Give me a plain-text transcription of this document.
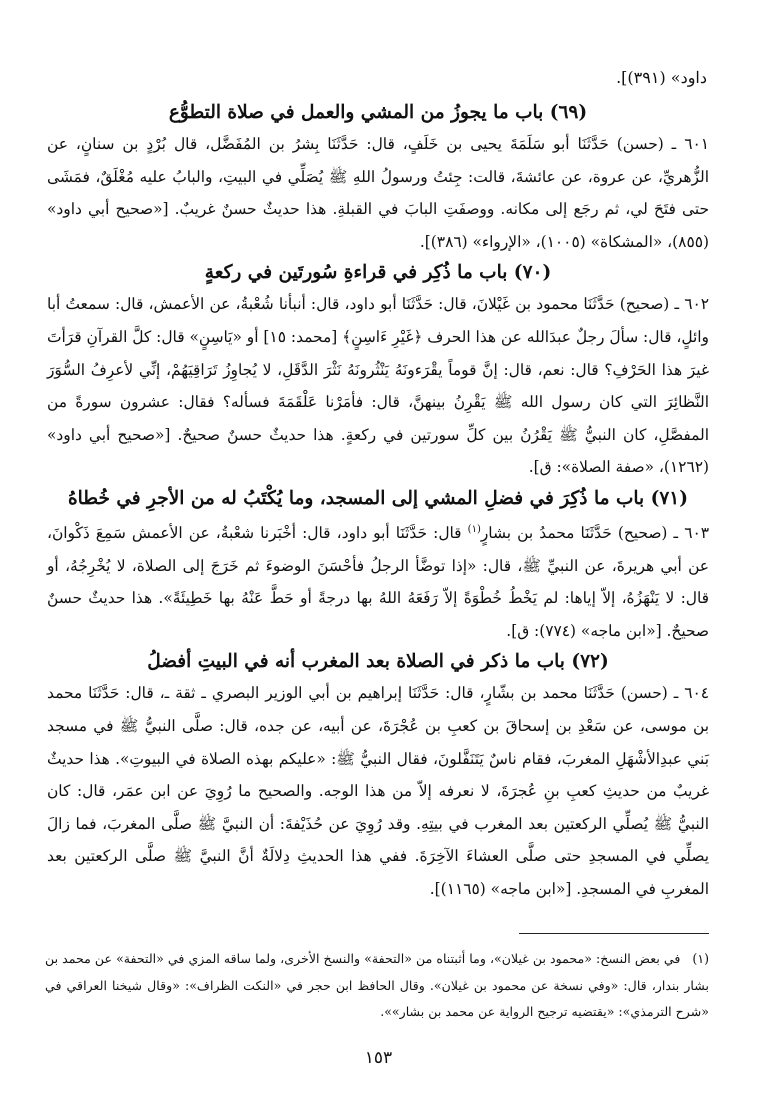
داود» (٣٩١)].
(٦٩) باب ما يجوزُ من المشي والعمل في صلاة التطوُّع

٦٠١ ـ (حسن) حَدَّثَنَا أبو سَلَمَةَ يحيى بن خَلَفٍ، قال: حَدَّثَنَا بِشرُ بن المُفَضَّل، قال بُرْدٍ بن سنانٍ، عن الزُّهريِّ، عن عروة، عن عائشةَ، قالت: جِئتُ ورسولُ اللهِ ﷺ يُصَلِّي في البيتِ، والبابُ عليه مُغْلَقٌ، فمَشَى حتى فتَحَ لي، ثم رجَع إلى مكانه. ووصفَتِ البابَ في القبلةِ. هذا حديثٌ حسنٌ غريبٌ. [«صحيح أبي داود» (٨٥٥)، «المشكاة» (١٠٠٥)، «الإرواء» (٣٨٦)].

(٧٠) باب ما ذُكِر في قراءةِ سُورتَين في ركعةٍ

٦٠٢ ـ (صحيح) حَدَّثَنَا محمود بن غَيْلانَ، قال: حَدَّثَنَا أبو داود، قال: أنبأنا شُعْبةُ، عن الأعمش، قال: سمعتُ أبا وائلٍ، قال: سألَ رجلٌ عبدَالله عن هذا الحرف ﴿غَيْرِ ءَاسِنٍ﴾ [محمد: ١٥] أو «يَاسِنٍ» قال: كلَّ القرآنِ قرَأتَ غيرَ هذا الحَرْفِ؟ قال: نعم، قال: إنَّ قوماً يقْرَءونَهُ يَنْثُرونَهُ نَثْرَ الدَّقَلِ، لا يُجاوِزُ تَرَاقِيَهُمْ، إنِّي لأعرِفُ السُّوَرَ النَّظائِرَ التي كان رسول الله ﷺ يَقْرِنُ بينهنَّ، قال: فأمَرْنا عَلْقَمَةَ فسأله؟ فقال: عشرون سورةً من المفصَّلِ، كان النبيُّ ﷺ يَقْرُنُ بين كلِّ سورتين في ركعةٍ. هذا حديثٌ حسنٌ صحيحٌ. [«صحيح أبي داود» (١٢٦٢)، «صفة الصلاة»: ق].

(٧١) باب ما ذُكِرَ في فضلِ المشي إلى المسجد، وما يُكْتَبُ له من الأجرِ في خُطاهُ

٦٠٣ ـ (صحيح) حَدَّثَنَا محمدُ بن بشارٍ$^{(١)}$ قال: حَدَّثَنَا أبو داود، قال: أخْبَرنا شعْبةُ، عن الأعمش سَمِعَ ذَكْوانَ، عن أبي هريرةَ، عن النبيِّ ﷺ، قال: «إذا توضَّأ الرجلُ فأحْسَنَ الوضوءَ ثم خَرَجَ إلى الصلاة، لا يُخْرِجُهُ، أو قال: لا يَنْهَزُهُ، إلاّ إياها: لم يَخْطُ خُطْوَةً إلاّ رَفَعَهُ اللهُ بها درجةً أو حَطَّ عَنْهُ بها خَطِيئَةً». هذا حديثٌ حسنٌ صحيحٌ. [«ابن ماجه» (٧٧٤): ق].

(٧٢) باب ما ذكر في الصلاة بعد المغرب أنه في البيتِ أفضلُ

٦٠٤ ـ (حسن) حَدَّثَنَا محمد بن بشّارٍ، قال: حَدَّثَنَا إبراهيم بن أبي الوزير البصري ـ ثقة ـ، قال: حَدَّثَنَا محمد بن موسى، عن سَعْدِ بن إسحاقَ بن كعبِ بن عُجْرَةَ، عن أبيه، عن جده، قال: صلَّى النبيُّ ﷺ في مسجد بَني عبدِالأشْهَلِ المغربَ، فقام ناسٌ يَتَنَفَّلونَ، فقال النبيُّ ﷺ: «عليكم بهذه الصلاة في البيوتِ». هذا حديثٌ غريبٌ من حديثِ كعبِ بنِ عُجرَةَ، لا نعرفه إلاّ من هذا الوجه. والصحيح ما رُوِيَ عن ابن عمَر، قال: كان النبيُّ ﷺ يُصلِّي الركعتين بعد المغرب في بيتِهِ. وقد رُوِيَ عن حُذَيْفةَ: أن النبيَّ ﷺ صلَّى المغربَ، فما زالَ يصلِّي في المسجدِ حتى صلَّى العشاءَ الآخِرَةَ. ففي هذا الحديثِ دِلالَةٌ أنَّ النبيَّ ﷺ صلَّى الركعتين بعد المغربِ في المسجدِ. [«ابن ماجه» (١١٦٥)].

(١)في بعض النسخ: «محمود بن غيلان»، وما أثبتناه من «التحفة» والنسخ الأخرى، ولما ساقه المزي في «التحفة» عن محمد بن بشار بندار، قال: «وفي نسخة عن محمود بن غيلان». وقال الحافظ ابن حجر في «النكت الظراف»: «وقال شيخنا العراقي في «شرح الترمذي»: «يقتضيه ترجيح الرواية عن محمد بن بشار»».
١٥٣
